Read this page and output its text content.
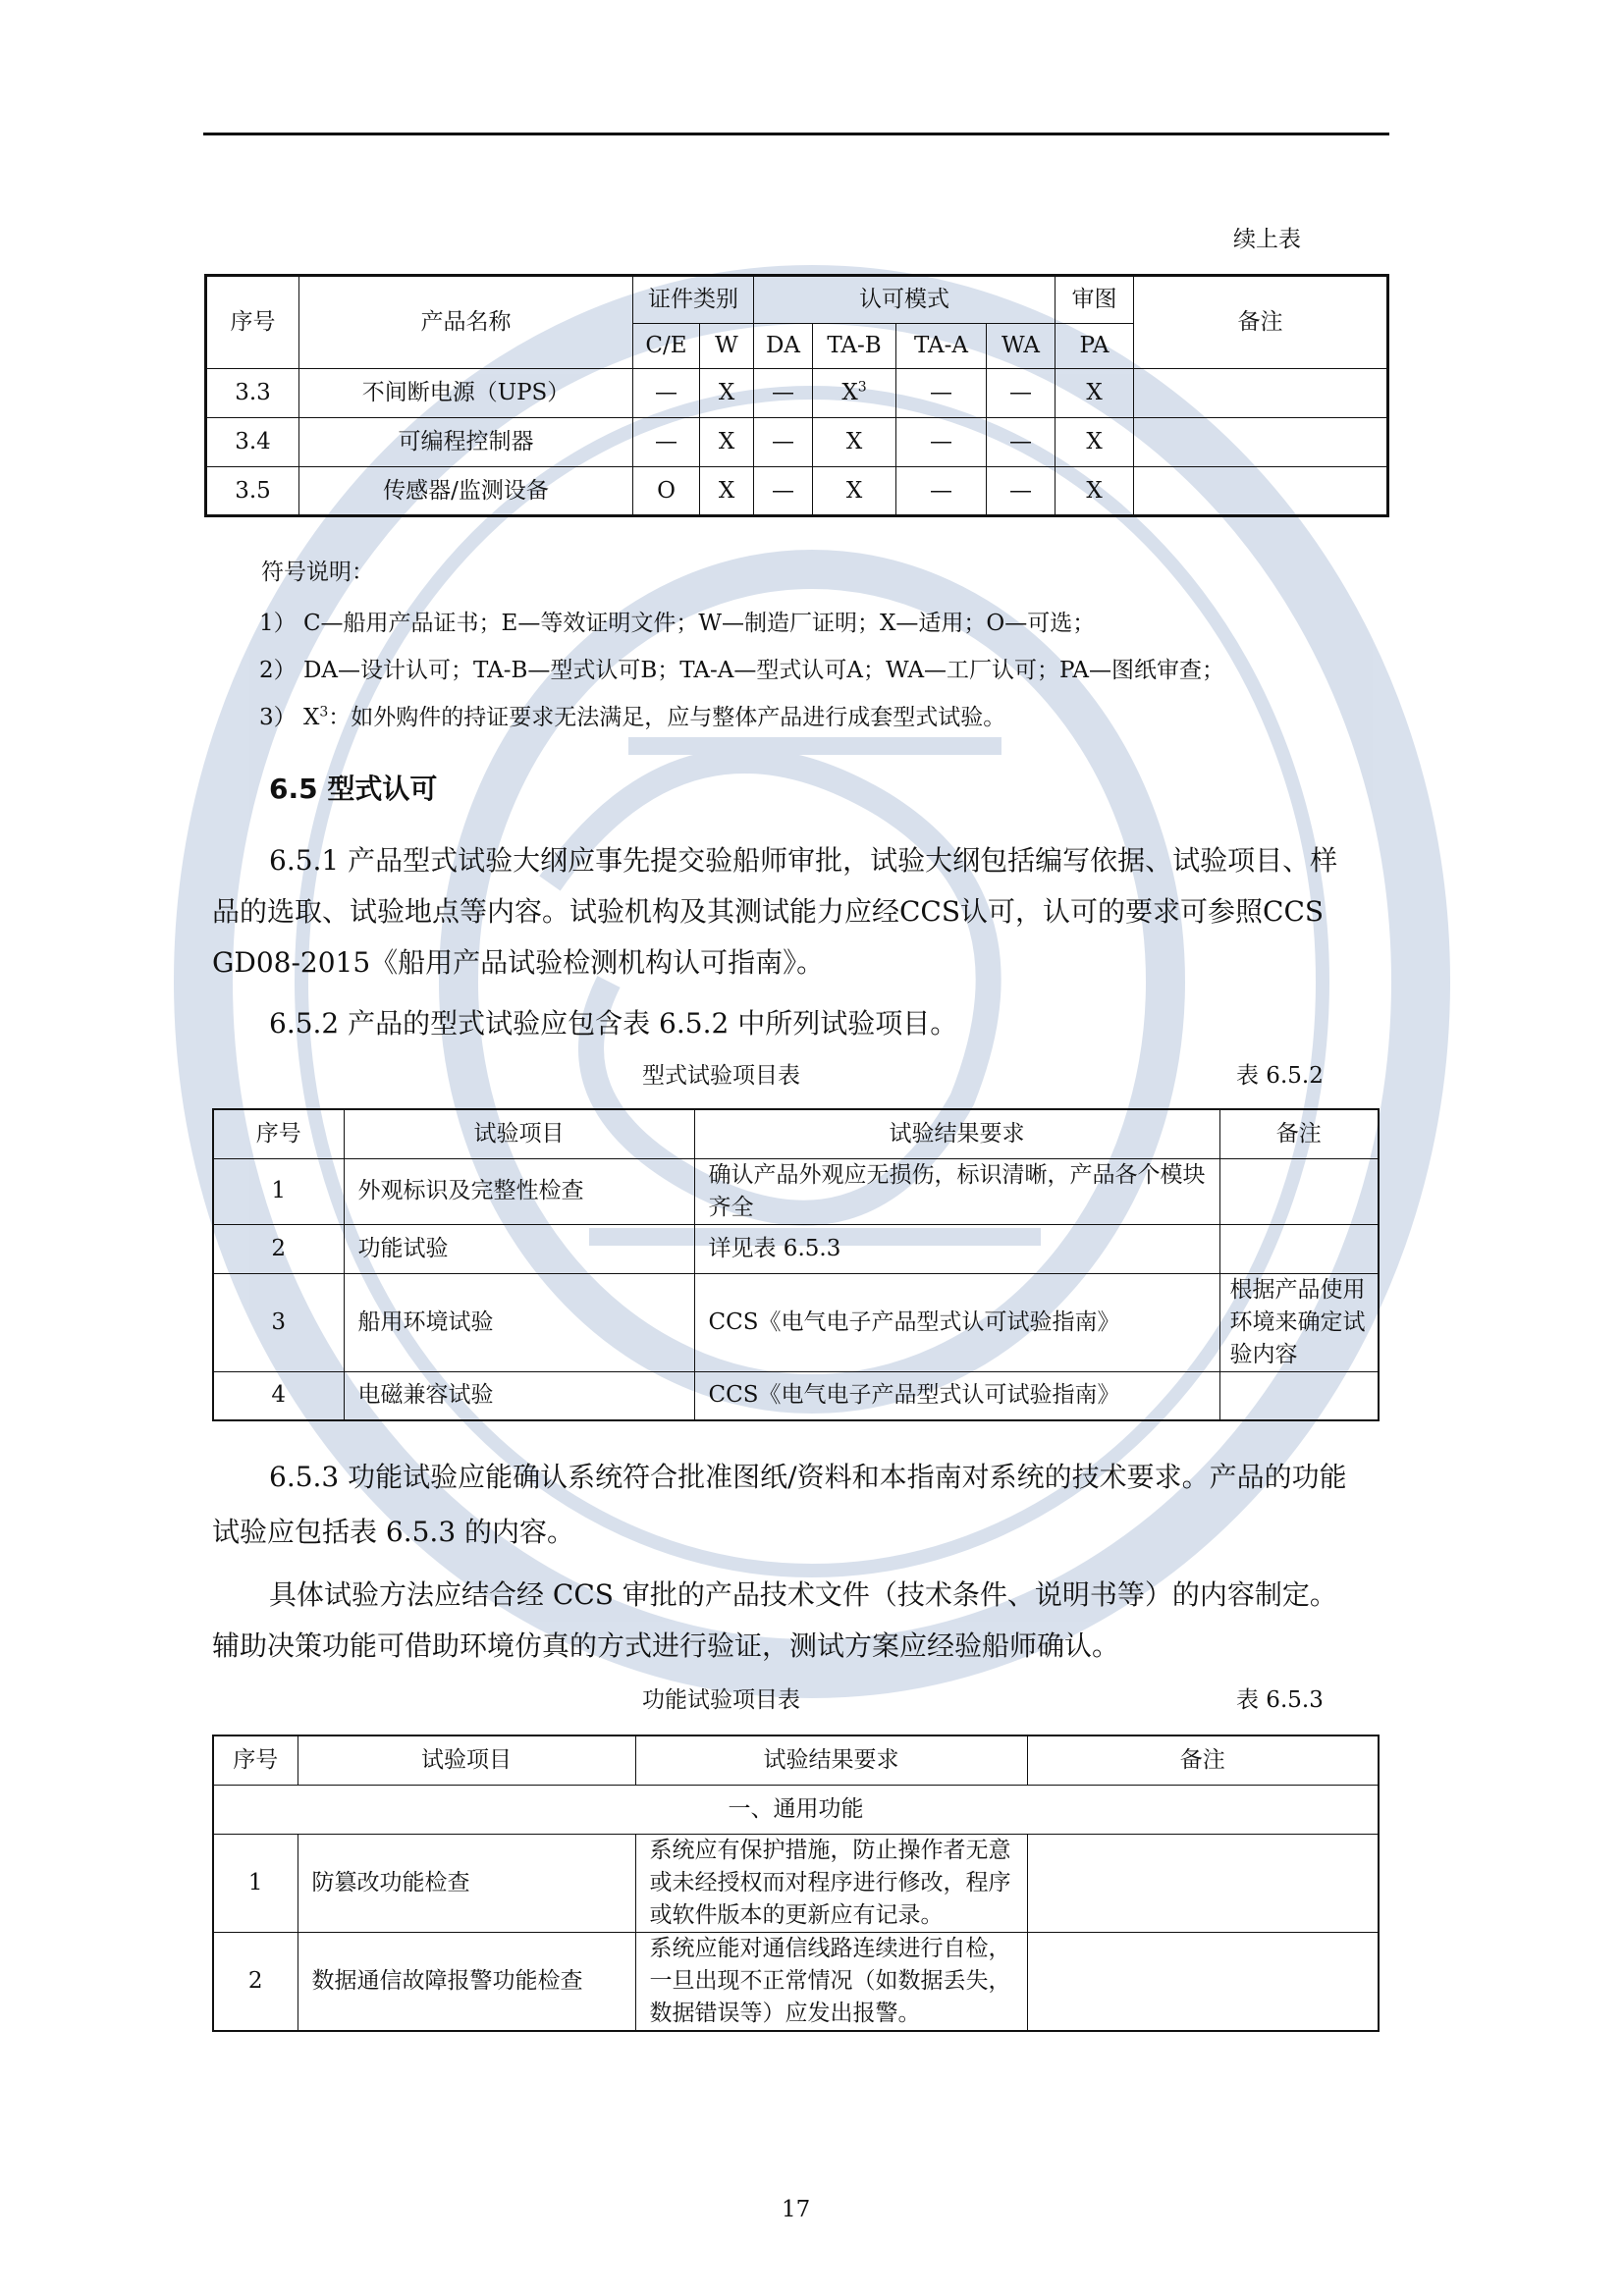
续上表
序号	产品名称	证件类别		认可模式				审图	备注
		C/E	W	DA	TA-B	TA-A	WA	PA	
3.3	不间断电源（UPS）	—	X	—	$X^3$	—	—	X	
3.4	可编程控制器	—	X	—	X	—	—	X	
3.5	传感器/监测设备	O	X	—	X	—	—	X	
符号说明：
1） C—船用产品证书；E—等效证明文件；W—制造厂证明；X—适用；O—可选；
2） DA—设计认可；TA-B—型式认可B；TA-A—型式认可A；WA—工厂认可；PA—图纸审查；
3） $X^3$：如外购件的持证要求无法满足，应与整体产品进行成套型式试验。
6.5 型式认可
6.5.1 产品型式试验大纲应事先提交验船师审批，试验大纲包括编写依据、试验项目、样
品的选取、试验地点等内容。试验机构及其测试能力应经CCS认可，认可的要求可参照CCS
GD08-2015《船用产品试验检测机构认可指南》。
6.5.2 产品的型式试验应包含表 6.5.2 中所列试验项目。
型式试验项目表	表 6.5.2
序号	试验项目	试验结果要求	备注
1	外观标识及完整性检查	确认产品外观应无损伤，标识清晰，产品各个模块齐全	
2	功能试验	详见表 6.5.3	
3	船用环境试验	CCS《电气电子产品型式认可试验指南》	根据产品使用环境来确定试验内容
4	电磁兼容试验	CCS《电气电子产品型式认可试验指南》	
6.5.3 功能试验应能确认系统符合批准图纸/资料和本指南对系统的技术要求。产品的功能
试验应包括表 6.5.3 的内容。
具体试验方法应结合经 CCS 审批的产品技术文件（技术条件、说明书等）的内容制定。
辅助决策功能可借助环境仿真的方式进行验证，测试方案应经验船师确认。
功能试验项目表	表 6.5.3
序号	试验项目	试验结果要求	备注
一、通用功能			
1	防篡改功能检查	系统应有保护措施，防止操作者无意或未经授权而对程序进行修改，程序或软件版本的更新应有记录。	
2	数据通信故障报警功能检查	系统应能对通信线路连续进行自检，一旦出现不正常情况（如数据丢失，数据错误等）应发出报警。	
17
